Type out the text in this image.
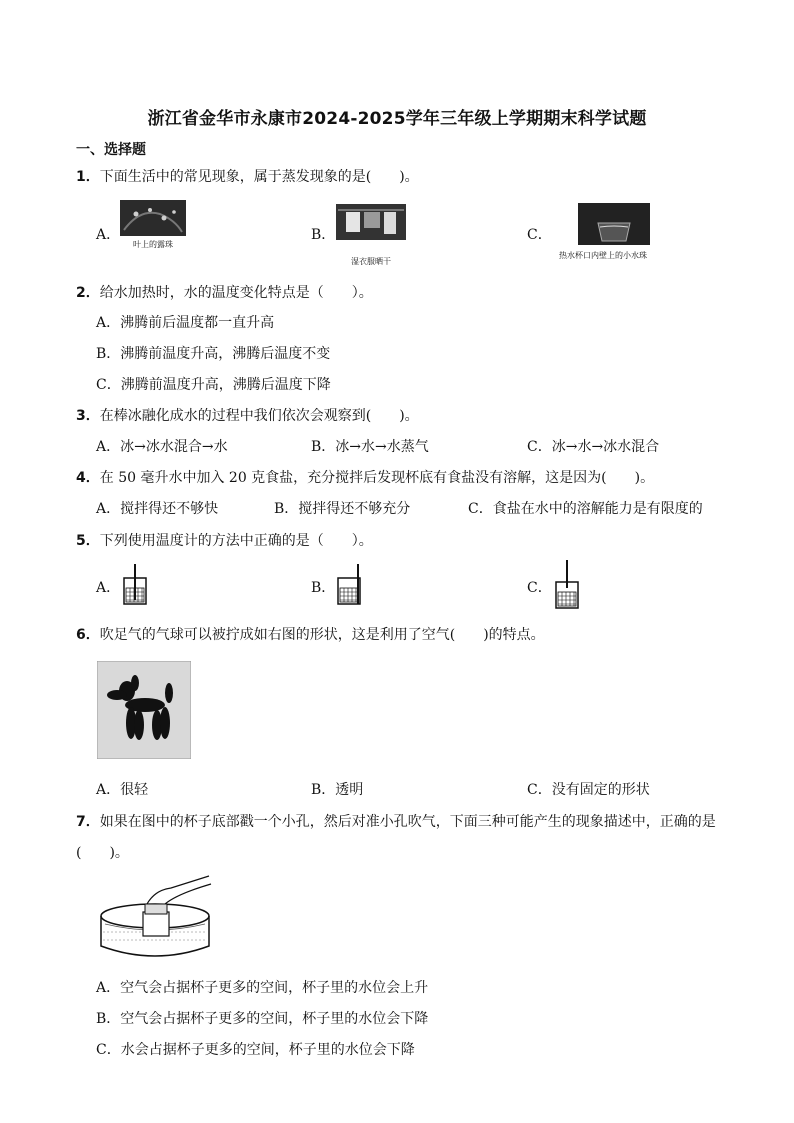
浙江省金华市永康市2024-2025学年三年级上学期期末科学试题
一、选择题
1．下面生活中的常见现象，属于蒸发现象的是(　　)。
A．
叶上的露珠
B．
湿衣服晒干
C．
热水杯口内壁上的小水珠
2．给水加热时，水的温度变化特点是（　　）。
A．沸腾前后温度都一直升高
B．沸腾前温度升高，沸腾后温度不变
C．沸腾前温度升高，沸腾后温度下降
3．在棒冰融化成水的过程中我们依次会观察到(　　)。
A．冰→冰水混合→水	B．冰→水→水蒸气	C．冰→水→冰水混合
4．在 50 毫升水中加入 20 克食盐，充分搅拌后发现杯底有食盐没有溶解，这是因为(　　)。
A．搅拌得还不够快	B．搅拌得还不够充分	C．食盐在水中的溶解能力是有限度的
5．下列使用温度计的方法中正确的是（　　）。
A．	B．	C．
6．吹足气的气球可以被拧成如右图的形状，这是利用了空气(　　)的特点。
A．很轻	B．透明	C．没有固定的形状
7．如果在图中的杯子底部戳一个小孔，然后对准小孔吹气，下面三种可能产生的现象描述中，正确的是
(　　)。
A．空气会占据杯子更多的空间，杯子里的水位会上升
B．空气会占据杯子更多的空间，杯子里的水位会下降
C．水会占据杯子更多的空间，杯子里的水位会下降
